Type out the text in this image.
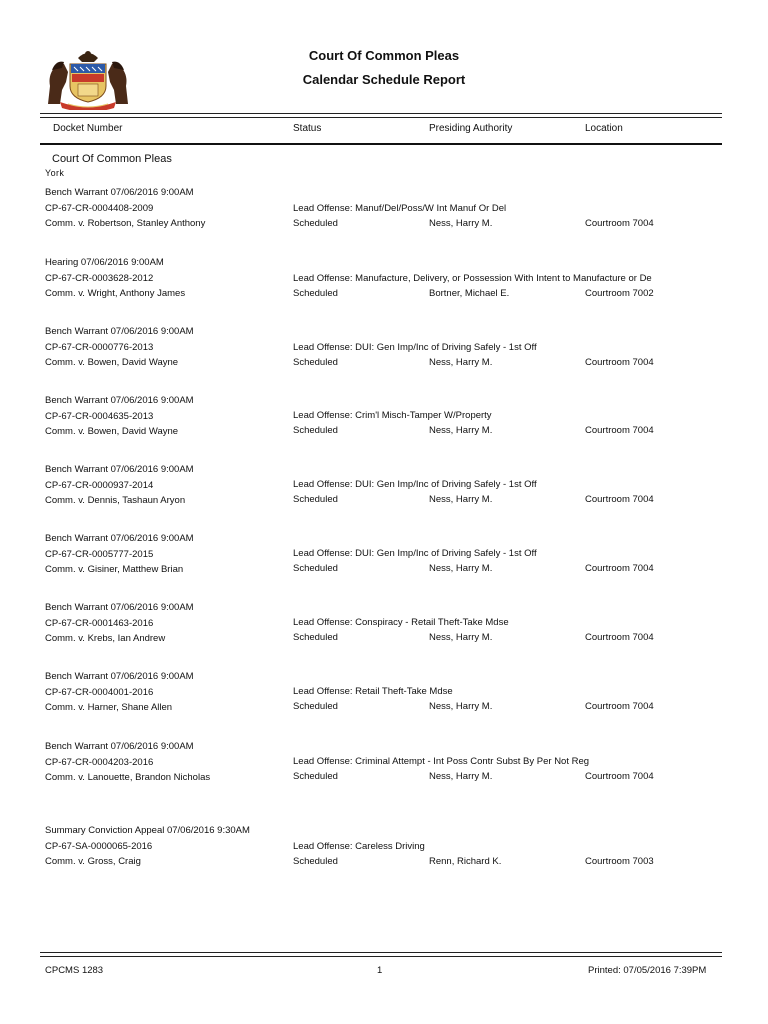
Court Of Common Pleas
Calendar Schedule Report
Docket Number	Status	Presiding Authority	Location
Court Of Common Pleas
York
Bench Warrant 07/06/2016 9:00AM
CP-67-CR-0004408-2009
Comm. v. Robertson, Stanley Anthony
Lead Offense: Manuf/Del/Poss/W Int Manuf Or Del
Scheduled	Ness, Harry M.	Courtroom 7004
Hearing 07/06/2016 9:00AM
CP-67-CR-0003628-2012
Comm. v. Wright, Anthony James
Lead Offense: Manufacture, Delivery, or Possession With Intent to Manufacture or De
Scheduled	Bortner, Michael E.	Courtroom 7002
Bench Warrant 07/06/2016 9:00AM
CP-67-CR-0000776-2013
Comm. v. Bowen, David Wayne
Lead Offense: DUI: Gen Imp/Inc of Driving Safely - 1st Off
Scheduled	Ness, Harry M.	Courtroom 7004
Bench Warrant 07/06/2016 9:00AM
CP-67-CR-0004635-2013
Comm. v. Bowen, David Wayne
Lead Offense: Crim'l Misch-Tamper W/Property
Scheduled	Ness, Harry M.	Courtroom 7004
Bench Warrant 07/06/2016 9:00AM
CP-67-CR-0000937-2014
Comm. v. Dennis, Tashaun Aryon
Lead Offense: DUI: Gen Imp/Inc of Driving Safely - 1st Off
Scheduled	Ness, Harry M.	Courtroom 7004
Bench Warrant 07/06/2016 9:00AM
CP-67-CR-0005777-2015
Comm. v. Gisiner, Matthew Brian
Lead Offense: DUI: Gen Imp/Inc of Driving Safely - 1st Off
Scheduled	Ness, Harry M.	Courtroom 7004
Bench Warrant 07/06/2016 9:00AM
CP-67-CR-0001463-2016
Comm. v. Krebs, Ian Andrew
Lead Offense: Conspiracy - Retail Theft-Take Mdse
Scheduled	Ness, Harry M.	Courtroom 7004
Bench Warrant 07/06/2016 9:00AM
CP-67-CR-0004001-2016
Comm. v. Harner, Shane Allen
Lead Offense: Retail Theft-Take Mdse
Scheduled	Ness, Harry M.	Courtroom 7004
Bench Warrant 07/06/2016 9:00AM
CP-67-CR-0004203-2016
Comm. v. Lanouette, Brandon Nicholas
Lead Offense: Criminal Attempt - Int Poss Contr Subst By Per Not Reg
Scheduled	Ness, Harry M.	Courtroom 7004
Summary Conviction Appeal 07/06/2016 9:30AM
CP-67-SA-0000065-2016
Comm. v. Gross, Craig
Lead Offense: Careless Driving
Scheduled	Renn, Richard K.	Courtroom 7003
CPCMS 1283	1	Printed: 07/05/2016 7:39PM
